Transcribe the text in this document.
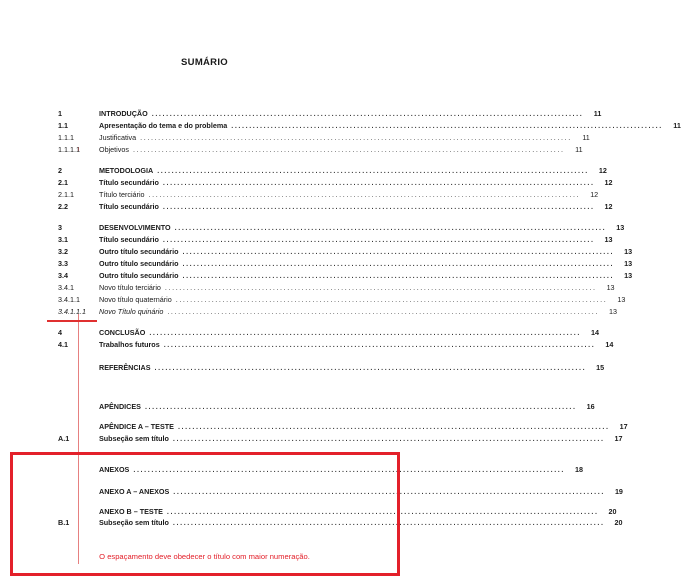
SUMÁRIO
1	INTRODUÇÃO ........................................................................................................................	11
1.1	Apresentação do tema e do problema ........................................................................................................................	11
1.1.1	Justificativa ........................................................................................................................	11
1.1.1.1	Objetivos ........................................................................................................................	11
2	METODOLOGIA ........................................................................................................................	12
2.1	Título secundário ........................................................................................................................	12
2.1.1	Título terciário ........................................................................................................................	12
2.2	Título secundário ........................................................................................................................	12
3	DESENVOLVIMENTO ........................................................................................................................	13
3.1	Título secundário ........................................................................................................................	13
3.2	Outro título secundário ........................................................................................................................	13
3.3	Outro título secundário ........................................................................................................................	13
3.4	Outro título secundário ........................................................................................................................	13
3.4.1	Novo título terciário ........................................................................................................................	13
3.4.1.1	Novo título quaternário ........................................................................................................................	13
3.4.1.1.1	Novo Título quinário ........................................................................................................................	13
4	CONCLUSÃO ........................................................................................................................	14
4.1	Trabalhos futuros ........................................................................................................................	14
REFERÊNCIAS ........................................................................................................................	15
APÊNDICES ........................................................................................................................	16
APÊNDICE A – TESTE ........................................................................................................................	17
A.1	Subseção sem título ........................................................................................................................	17
ANEXOS ........................................................................................................................	18
ANEXO A – ANEXOS ........................................................................................................................	19
ANEXO B – TESTE ........................................................................................................................	20
B.1	Subseção sem título ........................................................................................................................	20
O espaçamento deve obedecer o título com maior numeração.
